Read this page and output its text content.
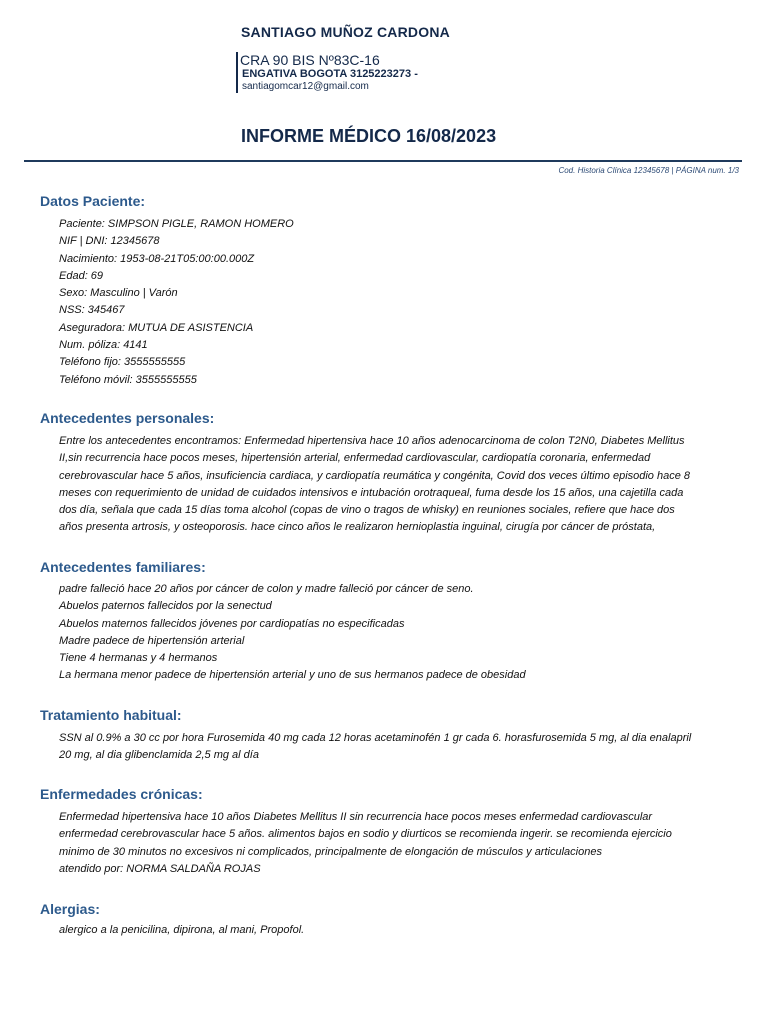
SANTIAGO MUÑOZ CARDONA
CRA 90 BIS Nº83C-16
ENGATIVA BOGOTA 3125223273 -
santiagomcar12@gmail.com
INFORME MÉDICO 16/08/2023
Cod. Historia Clínica 12345678 | PÁGINA num. 1/3
Datos Paciente:
Paciente: SIMPSON PIGLE, RAMON HOMERO
NIF | DNI: 12345678
Nacimiento: 1953-08-21T05:00:00.000Z
Edad: 69
Sexo: Masculino | Varón
NSS: 345467
Aseguradora: MUTUA DE ASISTENCIA
Num. póliza: 4141
Teléfono fijo: 3555555555
Teléfono móvil: 3555555555
Antecedentes personales:
Entre los antecedentes encontramos: Enfermedad hipertensiva hace 10 años adenocarcinoma de colon T2N0, Diabetes Mellitus
II,sin recurrencia hace pocos meses, hipertensión arterial, enfermedad cardiovascular, cardiopatía coronaria, enfermedad
cerebrovascular hace 5 años, insuficiencia cardiaca, y cardiopatía reumática y congénita, Covid dos veces último episodio hace 8
meses con requerimiento de unidad de cuidados intensivos e intubación orotraqueal, fuma desde los 15 años, una cajetilla cada
dos día, señala que cada 15 días toma alcohol (copas de vino o tragos de whisky) en reuniones sociales, refiere que hace dos
años presenta artrosis, y osteoporosis. hace cinco años le realizaron hernioplastia inguinal, cirugía por cáncer de próstata,
Antecedentes familiares:
padre falleció hace 20 años por cáncer de colon y madre falleció por cáncer de seno.
Abuelos paternos fallecidos por la senectud
Abuelos maternos fallecidos jóvenes por cardiopatías no especificadas
Madre padece de hipertensión arterial
Tiene 4 hermanas y 4 hermanos
La hermana menor padece de hipertensión arterial y uno de sus hermanos padece de obesidad
Tratamiento habitual:
SSN al 0.9% a 30 cc por hora Furosemida 40 mg cada 12 horas acetaminofén 1 gr cada 6. horasfurosemida 5 mg, al dia enalapril
20 mg, al dia glibenclamida 2,5 mg al día
Enfermedades crónicas:
Enfermedad hipertensiva hace 10 años Diabetes Mellitus II sin recurrencia hace pocos meses enfermedad cardiovascular
enfermedad cerebrovascular hace 5 años. alimentos bajos en sodio y diurticos se recomienda ingerir. se recomienda ejercicio
minimo de 30 minutos no excesivos ni complicados, principalmente de elongación de músculos y articulaciones
atendido por: NORMA SALDAÑA ROJAS
Alergias:
alergico a la penicilina, dipirona, al mani, Propofol.
